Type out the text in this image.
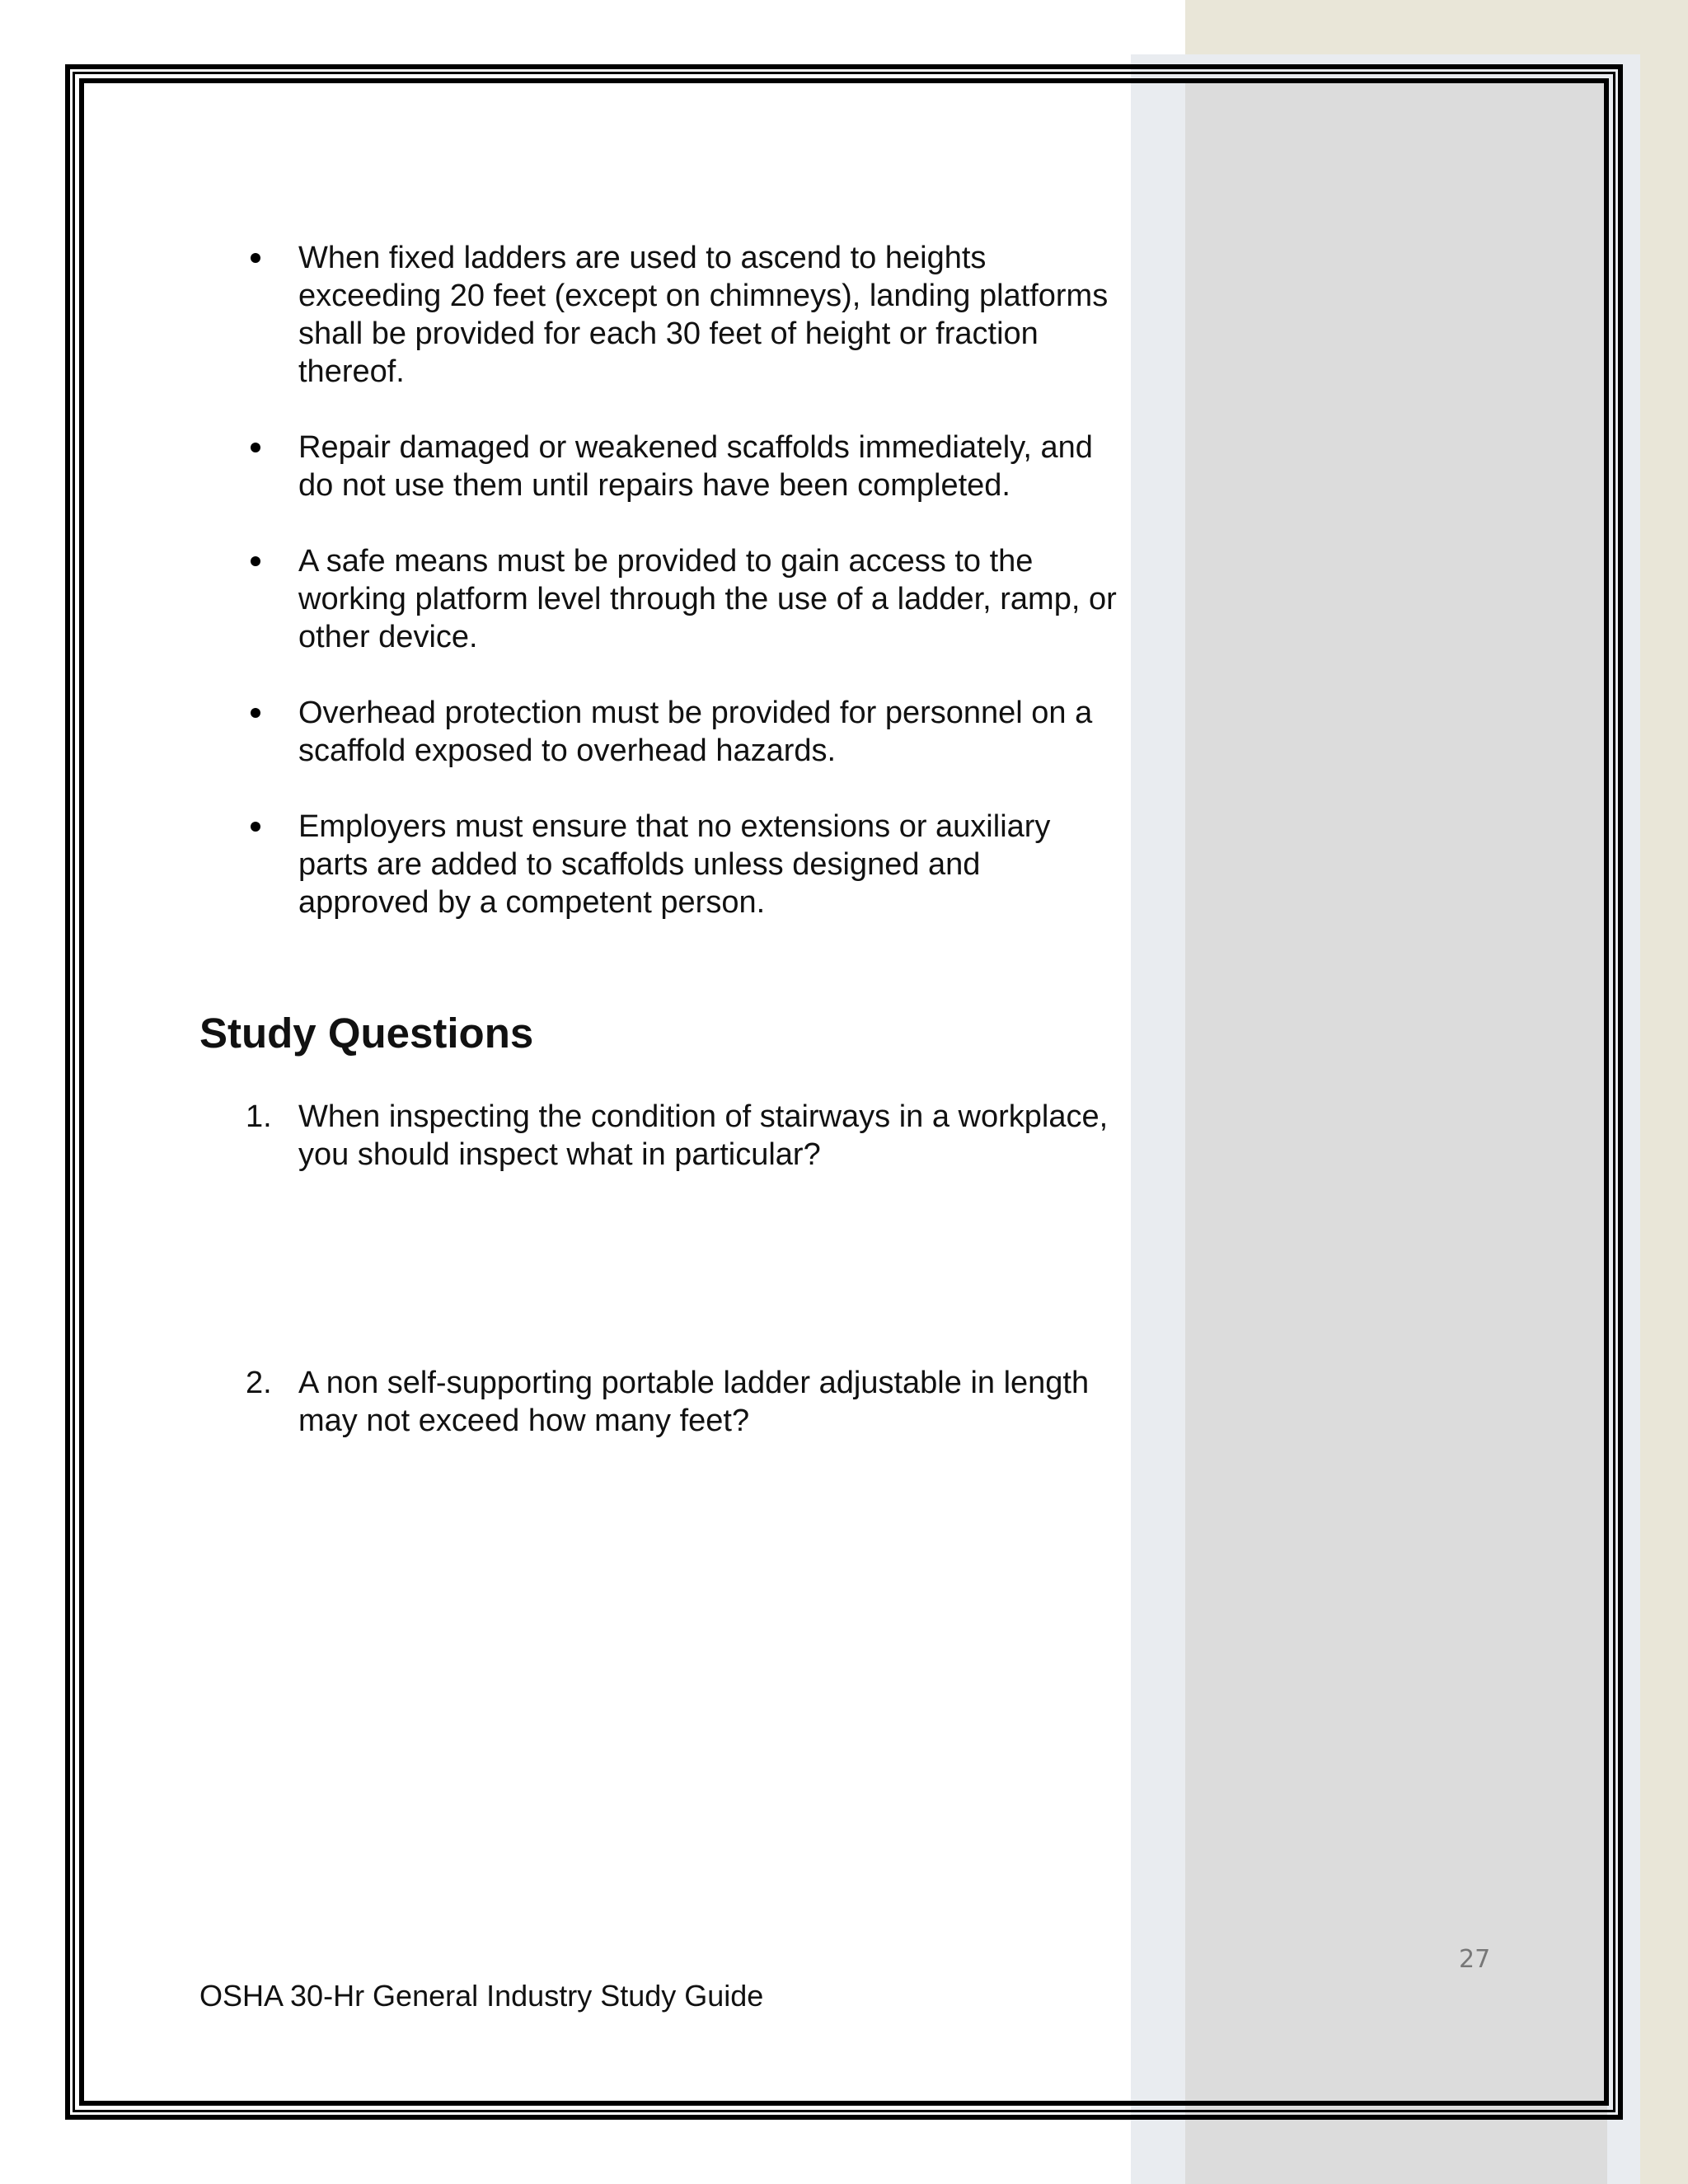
When fixed ladders are used to ascend to heights exceeding 20 feet (except on chimneys), landing platforms shall be provided for each 30 feet of height or fraction thereof.
Repair damaged or weakened scaffolds immediately, and do not use them until repairs have been completed.
A safe means must be provided to gain access to the working platform level through the use of a ladder, ramp, or other device.
Overhead protection must be provided for personnel on a scaffold exposed to overhead hazards.
Employers must ensure that no extensions or auxiliary parts are added to scaffolds unless designed and approved by a competent person.
Study Questions
1. When inspecting the condition of stairways in a workplace, you should inspect what in particular?
2. A non self-supporting portable ladder adjustable in length may not exceed how many feet?
27
OSHA 30-Hr General Industry Study Guide
